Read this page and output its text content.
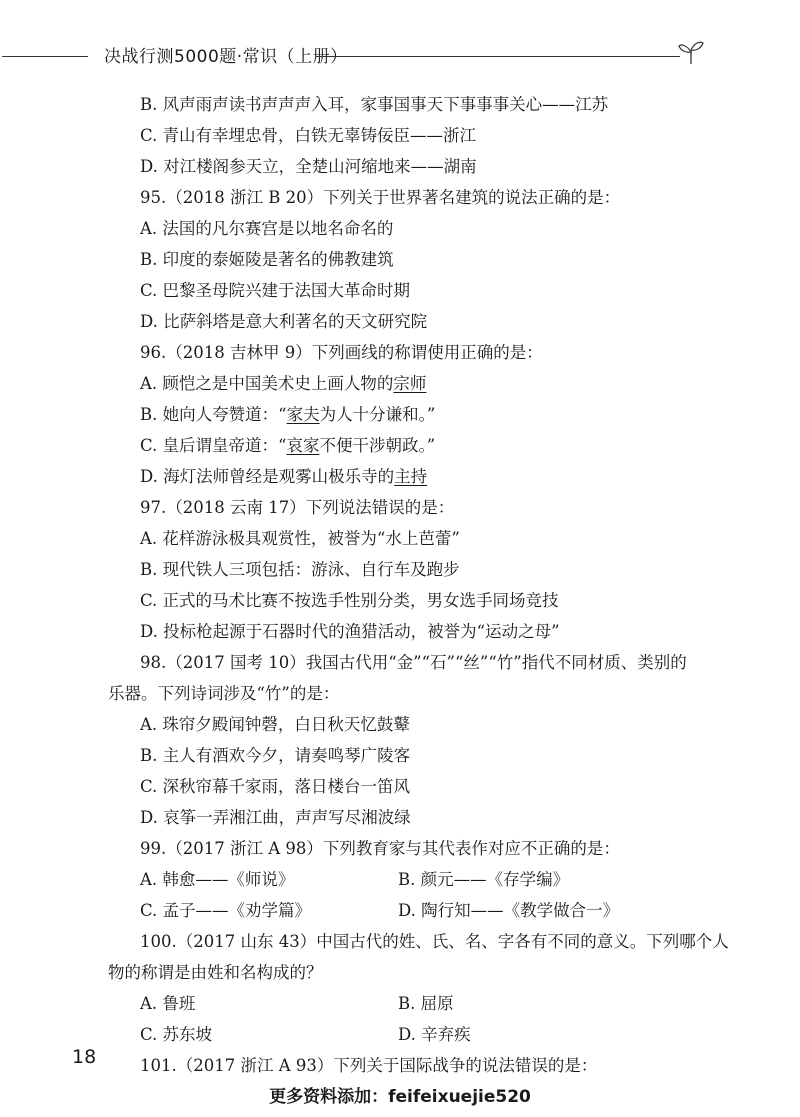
决战行测5000题·常识（上册）
B. 风声雨声读书声声声入耳，家事国事天下事事事关心——江苏
C. 青山有幸埋忠骨，白铁无辜铸佞臣——浙江
D. 对江楼阁参天立，全楚山河缩地来——湖南
95.（2018 浙江 B 20）下列关于世界著名建筑的说法正确的是：
A. 法国的凡尔赛宫是以地名命名的
B. 印度的泰姬陵是著名的佛教建筑
C. 巴黎圣母院兴建于法国大革命时期
D. 比萨斜塔是意大利著名的天文研究院
96.（2018 吉林甲 9）下列画线的称谓使用正确的是：
A. 顾恺之是中国美术史上画人物的宗师
B. 她向人夸赞道：“家夫为人十分谦和。”
C. 皇后谓皇帝道：“哀家不便干涉朝政。”
D. 海灯法师曾经是观雾山极乐寺的主持
97.（2018 云南 17）下列说法错误的是：
A. 花样游泳极具观赏性，被誉为“水上芭蕾”
B. 现代铁人三项包括：游泳、自行车及跑步
C. 正式的马术比赛不按选手性别分类，男女选手同场竞技
D. 投标枪起源于石器时代的渔猎活动，被誉为“运动之母”
98.（2017 国考 10）我国古代用“金”“石”“丝”“竹”指代不同材质、类别的
乐器。下列诗词涉及“竹”的是：
A. 珠帘夕殿闻钟磬，白日秋天忆鼓鼙
B. 主人有酒欢今夕，请奏鸣琴广陵客
C. 深秋帘幕千家雨，落日楼台一笛风
D. 哀筝一弄湘江曲，声声写尽湘波绿
99.（2017 浙江 A 98）下列教育家与其代表作对应不正确的是：
A. 韩愈——《师说》	B. 颜元——《存学编》
C. 孟子——《劝学篇》	D. 陶行知——《教学做合一》
100.（2017 山东 43）中国古代的姓、氏、名、字各有不同的意义。下列哪个人
物的称谓是由姓和名构成的？
A. 鲁班	B. 屈原
C. 苏东坡	D. 辛弃疾
101.（2017 浙江 A 93）下列关于国际战争的说法错误的是：
18
更多资料添加：feifeixuejie520
